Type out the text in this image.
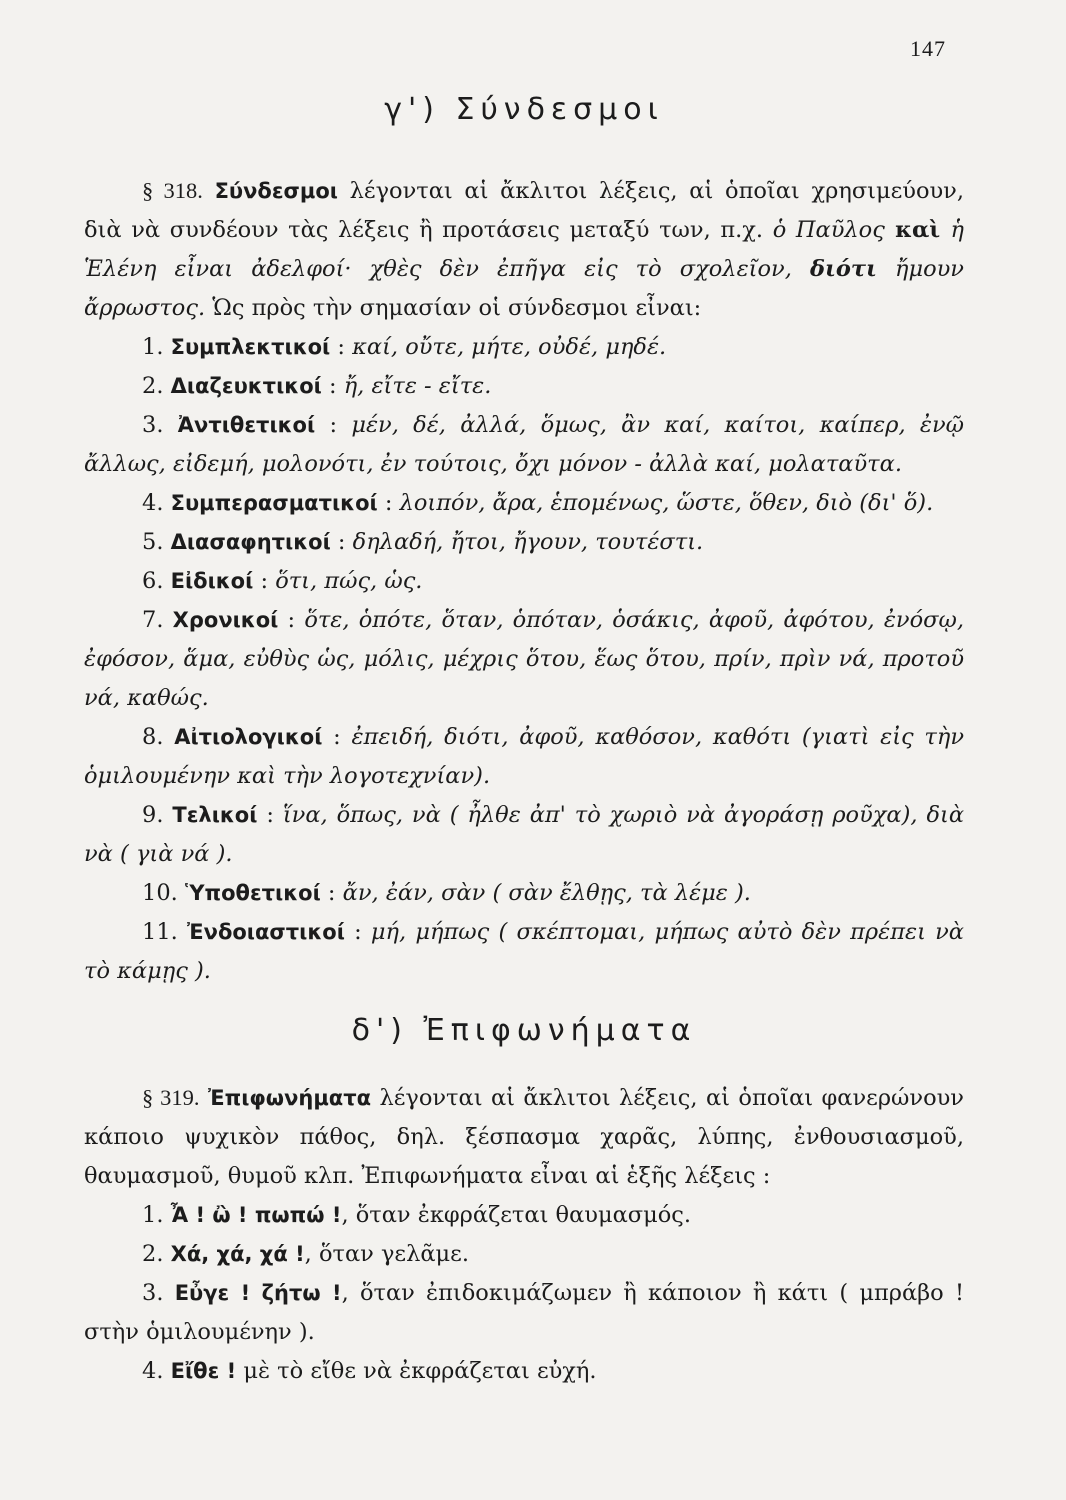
147
γ') Σύνδεσμοι

§ 318. Σύνδεσμοι λέγονται αἱ ἄκλιτοι λέξεις, αἱ ὁποῖαι χρησιμεύουν, διὰ νὰ συνδέουν τὰς λέξεις ἢ προτάσεις μεταξύ των, π.χ. ὁ Παῦλος καὶ ἡ Ἑλένη εἶναι ἀδελφοί· χθὲς δὲν ἐπῆγα εἰς τὸ σχολεῖον, διότι ἤμουν ἄρρωστος. Ὡς πρὸς τὴν σημασίαν οἱ σύνδεσμοι εἶναι:

1. Συμπλεκτικοί : καί, οὔτε, μήτε, οὐδέ, μηδέ.

2. Διαζευκτικοί : ἤ, εἴτε - εἴτε.

3. Ἀντιθετικοί : μέν, δέ, ἀλλά, ὅμως, ἂν καί, καίτοι, καίπερ, ἐνῷ ἄλλως, εἰδεμή, μολονότι, ἐν τούτοις, ὄχι μόνον - ἀλλὰ καί, μολαταῦτα.

4. Συμπερασματικοί : λοιπόν, ἄρα, ἑπομένως, ὥστε, ὅθεν, διὸ (δι' ὅ).

5. Διασαφητικοί : δηλαδή, ἤτοι, ἤγουν, τουτέστι.

6. Εἰδικοί : ὅτι, πώς, ὡς.

7. Χρονικοί : ὅτε, ὁπότε, ὅταν, ὁπόταν, ὁσάκις, ἀφοῦ, ἀφότου, ἐνόσῳ, ἐφόσον, ἅμα, εὐθὺς ὡς, μόλις, μέχρις ὅτου, ἕως ὅτου, πρίν, πρὶν νά, προτοῦ νά, καθώς.

8. Αἰτιολογικοί : ἐπειδή, διότι, ἀφοῦ, καθόσον, καθότι (γιατὶ εἰς τὴν ὁμιλουμένην καὶ τὴν λογοτεχνίαν).

9. Τελικοί : ἵνα, ὅπως, νὰ ( ἦλθε ἀπ' τὸ χωριὸ νὰ ἀγοράσῃ ροῦχα), διὰ νὰ ( γιὰ νά ).

10. Ὑποθετικοί : ἄν, ἐάν, σὰν ( σὰν ἔλθῃς, τὰ λέμε ).

11. Ἐνδοιαστικοί : μή, μήπως ( σκέπτομαι, μήπως αὐτὸ δὲν πρέπει νὰ τὸ κάμῃς ).

δ') Ἐπιφωνήματα

§ 319. Ἐπιφωνήματα λέγονται αἱ ἄκλιτοι λέξεις, αἱ ὁποῖαι φανερώνουν κάποιο ψυχικὸν πάθος, δηλ. ξέσπασμα χαρᾶς, λύπης, ἐνθουσιασμοῦ, θαυμασμοῦ, θυμοῦ κλπ. Ἐπιφωνήματα εἶναι αἱ ἑξῆς λέξεις :

1. Ἆ ! ὢ ! πωπώ !, ὅταν ἐκφράζεται θαυμασμός.

2. Χά, χά, χά !, ὅταν γελᾶμε.

3. Εὖγε ! ζήτω !, ὅταν ἐπιδοκιμάζωμεν ἢ κάποιον ἢ κάτι ( μπράβο ! στὴν ὁμιλουμένην ).

4. Εἴθε ! μὲ τὸ εἴθε νὰ ἐκφράζεται εὐχή.
